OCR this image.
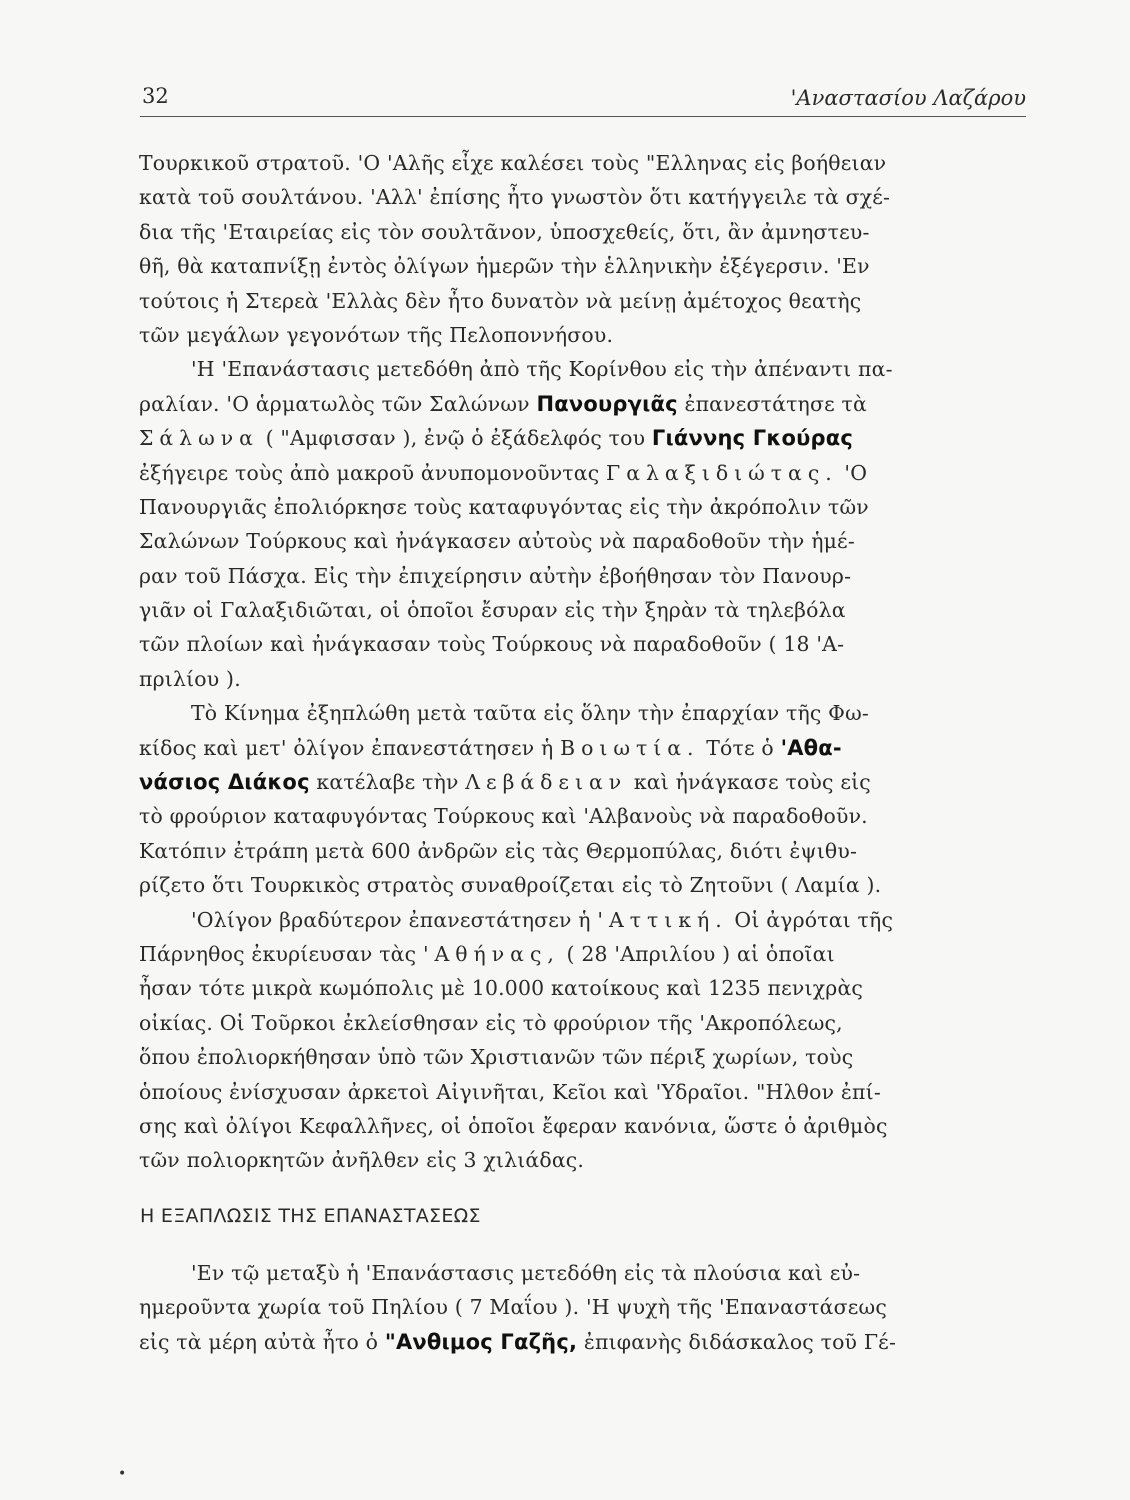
32	'Αναστασίου Λαζάρου
Τουρκικοῦ στρατοῦ. 'Ο 'Αλῆς εἶχε καλέσει τοὺς "Ελληνας εἰς βοήθειαν
κατὰ τοῦ σουλτάνου. 'Αλλ' ἐπίσης ἦτο γνωστὸν ὅτι κατήγγειλε τὰ σχέ-
δια τῆς 'Εταιρείας εἰς τὸν σουλτᾶνον, ὑποσχεθείς, ὅτι, ἂν ἀμνηστευ-
θῆ, θὰ καταπνίξῃ ἐντὸς ὀλίγων ἡμερῶν τὴν ἑλληνικὴν ἐξέγερσιν. 'Εν
τούτοις ἡ Στερεὰ 'Ελλὰς δὲν ἦτο δυνατὸν νὰ μείνῃ ἀμέτοχος θεατὴς
τῶν μεγάλων γεγονότων τῆς Πελοποννήσου.
'Η 'Επανάστασις μετεδόθη ἀπὸ τῆς Κορίνθου εἰς τὴν ἀπέναντι πα-
ραλίαν. 'Ο ἁρματωλὸς τῶν Σαλώνων Πανουργιᾶς ἐπανεστάτησε τὰ
Σάλωνα ( "Αμφισσαν ), ἐνῷ ὁ ἐξάδελφός του Γιάννης Γκούρας
ἐξήγειρε τοὺς ἀπὸ μακροῦ ἀνυπομονοῦντας Γαλαξιδιώτας. 'Ο
Πανουργιᾶς ἐπολιόρκησε τοὺς καταφυγόντας εἰς τὴν ἀκρόπολιν τῶν
Σαλώνων Τούρκους καὶ ἠνάγκασεν αὐτοὺς νὰ παραδοθοῦν τὴν ἡμέ-
ραν τοῦ Πάσχα. Εἰς τὴν ἐπιχείρησιν αὐτὴν ἐβοήθησαν τὸν Πανουρ-
γιᾶν οἱ Γαλαξιδιῶται, οἱ ὁποῖοι ἔσυραν εἰς τὴν ξηρὰν τὰ τηλεβόλα
τῶν πλοίων καὶ ἠνάγκασαν τοὺς Τούρκους νὰ παραδοθοῦν ( 18 'Α-
πριλίου ).
Τὸ Κίνημα ἐξηπλώθη μετὰ ταῦτα εἰς ὅλην τὴν ἐπαρχίαν τῆς Φω-
κίδος καὶ μετ' ὀλίγον ἐπανεστάτησεν ἡ Βοιωτία. Τότε ὁ 'Αθα-
νάσιος Διάκος κατέλαβε τὴν Λεβάδειαν καὶ ἠνάγκασε τοὺς εἰς
τὸ φρούριον καταφυγόντας Τούρκους καὶ 'Αλβανοὺς νὰ παραδοθοῦν.
Κατόπιν ἐτράπη μετὰ 600 ἀνδρῶν εἰς τὰς Θερμοπύλας, διότι ἐψιθυ-
ρίζετο ὅτι Τουρκικὸς στρατὸς συναθροίζεται εἰς τὸ Ζητοῦνι ( Λαμία ).
'Ολίγον βραδύτερον ἐπανεστάτησεν ἡ 'Αττική. Οἱ ἀγρόται τῆς
Πάρνηθος ἐκυρίευσαν τὰς 'Αθήνας, ( 28 'Απριλίου ) αἱ ὁποῖαι
ἦσαν τότε μικρὰ κωμόπολις μὲ 10.000 κατοίκους καὶ 1235 πενιχρὰς
οἰκίας. Οἱ Τοῦρκοι ἐκλείσθησαν εἰς τὸ φρούριον τῆς 'Ακροπόλεως,
ὅπου ἐπολιορκήθησαν ὑπὸ τῶν Χριστιανῶν τῶν πέριξ χωρίων, τοὺς
ὁποίους ἐνίσχυσαν ἀρκετοὶ Αἰγινῆται, Κεῖοι καὶ 'Υδραῖοι. "Ηλθον ἐπί-
σης καὶ ὀλίγοι Κεφαλλῆνες, οἱ ὁποῖοι ἔφεραν κανόνια, ὥστε ὁ ἀριθμὸς
τῶν πολιορκητῶν ἀνῆλθεν εἰς 3 χιλιάδας.
Η ΕΞΑΠΛΩΣΙΣ ΤΗΣ ΕΠΑΝΑΣΤΑΣΕΩΣ
'Εν τῷ μεταξὺ ἡ 'Επανάστασις μετεδόθη εἰς τὰ πλούσια καὶ εὐ-
ημεροῦντα χωρία τοῦ Πηλίου ( 7 Μαΐου ). 'Η ψυχὴ τῆς 'Επαναστάσεως
εἰς τὰ μέρη αὐτὰ ἦτο ὁ "Ανθιμος Γαζῆς, ἐπιφανὴς διδάσκαλος τοῦ Γέ-
•
